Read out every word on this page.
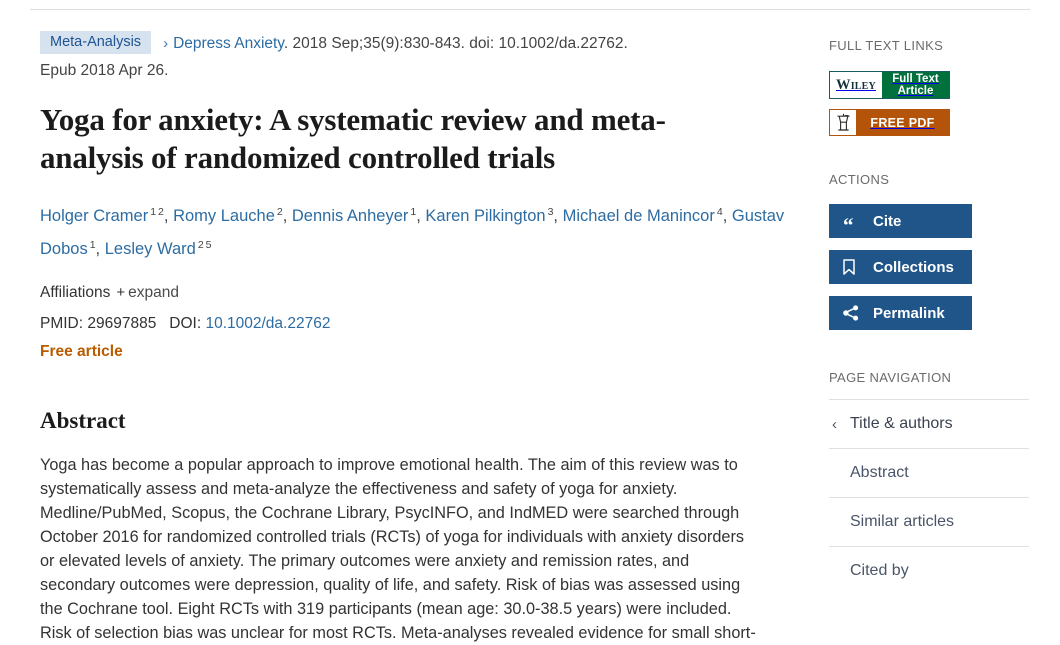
Meta-Analysis › Depress Anxiety. 2018 Sep;35(9):830-843. doi: 10.1002/da.22762.
Epub 2018 Apr 26.
Yoga for anxiety: A systematic review and meta-analysis of randomized controlled trials
Holger Cramer $^1$ $^2$, Romy Lauche $^2$, Dennis Anheyer $^1$, Karen Pilkington $^3$, Michael de Manincor $^4$, Gustav Dobos $^1$, Lesley Ward $^2$ $^5$
Affiliations + expand
PMID: 29697885 DOI: 10.1002/da.22762
Free article
Abstract
Yoga has become a popular approach to improve emotional health. The aim of this review was to systematically assess and meta-analyze the effectiveness and safety of yoga for anxiety. Medline/PubMed, Scopus, the Cochrane Library, PsycINFO, and IndMED were searched through October 2016 for randomized controlled trials (RCTs) of yoga for individuals with anxiety disorders or elevated levels of anxiety. The primary outcomes were anxiety and remission rates, and secondary outcomes were depression, quality of life, and safety. Risk of bias was assessed using the Cochrane tool. Eight RCTs with 319 participants (mean age: 30.0-38.5 years) were included. Risk of selection bias was unclear for most RCTs. Meta-analyses revealed evidence for small short-
FULL TEXT LINKS
Wiley	Full Text
Article
FREE PDF
ACTIONS
“ Cite
Collections
Permalink
PAGE NAVIGATION
‹ Title & authors
Abstract
Similar articles
Cited by
